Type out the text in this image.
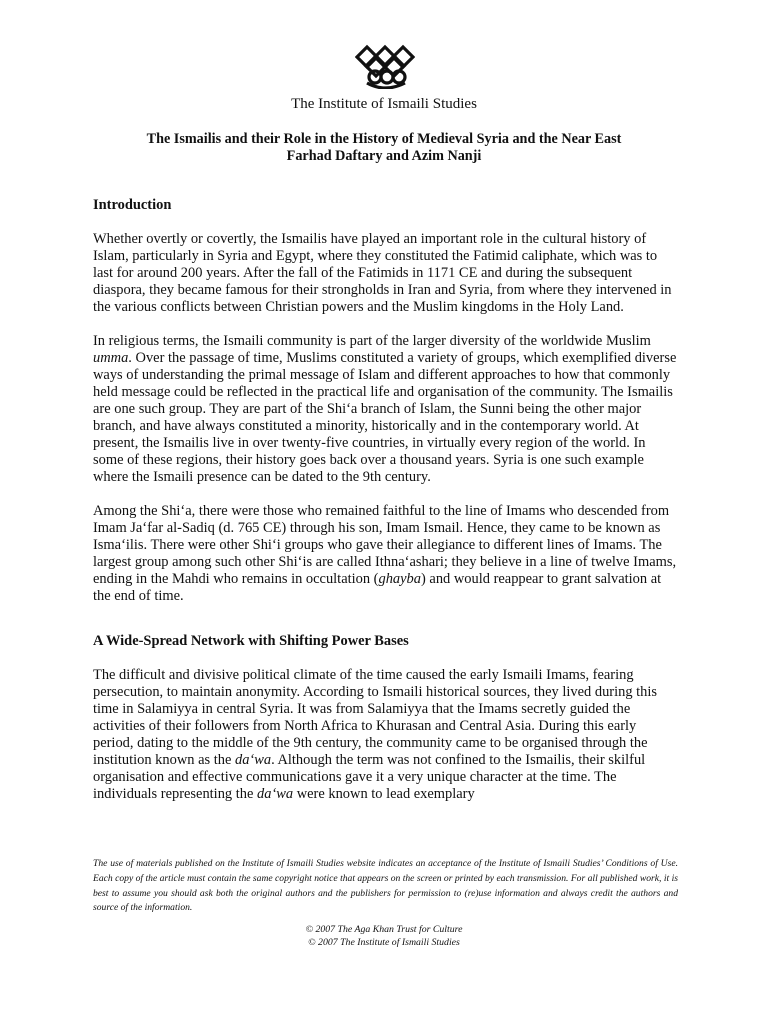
The Institute of Ismaili Studies
The Ismailis and their Role in the History of Medieval Syria and the Near East
Farhad Daftary and Azim Nanji

Introduction

Whether overtly or covertly, the Ismailis have played an important role in the cultural history of Islam, particularly in Syria and Egypt, where they constituted the Fatimid caliphate, which was to last for around 200 years. After the fall of the Fatimids in 1171 CE and during the subsequent diaspora, they became famous for their strongholds in Iran and Syria, from where they intervened in the various conflicts between Christian powers and the Muslim kingdoms in the Holy Land.

In religious terms, the Ismaili community is part of the larger diversity of the worldwide Muslim umma. Over the passage of time, Muslims constituted a variety of groups, which exemplified diverse ways of understanding the primal message of Islam and different approaches to how that commonly held message could be reflected in the practical life and organisation of the community. The Ismailis are one such group. They are part of the Shi‘a branch of Islam, the Sunni being the other major branch, and have always constituted a minority, historically and in the contemporary world. At present, the Ismailis live in over twenty-five countries, in virtually every region of the world. In some of these regions, their history goes back over a thousand years. Syria is one such example where the Ismaili presence can be dated to the 9th century.

Among the Shi‘a, there were those who remained faithful to the line of Imams who descended from Imam Ja‘far al-Sadiq (d. 765 CE) through his son, Imam Ismail. Hence, they came to be known as Isma‘ilis. There were other Shi‘i groups who gave their allegiance to different lines of Imams. The largest group among such other Shi‘is are called Ithna‘ashari; they believe in a line of twelve Imams, ending in the Mahdi who remains in occultation (ghayba) and would reappear to grant salvation at the end of time.

A Wide-Spread Network with Shifting Power Bases

The difficult and divisive political climate of the time caused the early Ismaili Imams, fearing persecution, to maintain anonymity. According to Ismaili historical sources, they lived during this time in Salamiyya in central Syria. It was from Salamiyya that the Imams secretly guided the activities of their followers from North Africa to Khurasan and Central Asia. During this early period, dating to the middle of the 9th century, the community came to be organised through the institution known as the da‘wa. Although the term was not confined to the Ismailis, their skilful organisation and effective communications gave it a very unique character at the time. The individuals representing the da‘wa were known to lead exemplary

The use of materials published on the Institute of Ismaili Studies website indicates an acceptance of the Institute of Ismaili Studies’ Conditions of Use. Each copy of the article must contain the same copyright notice that appears on the screen or printed by each transmission. For all published work, it is best to assume you should ask both the original authors and the publishers for permission to (re)use information and always credit the authors and source of the information.
© 2007 The Aga Khan Trust for Culture
© 2007 The Institute of Ismaili Studies
